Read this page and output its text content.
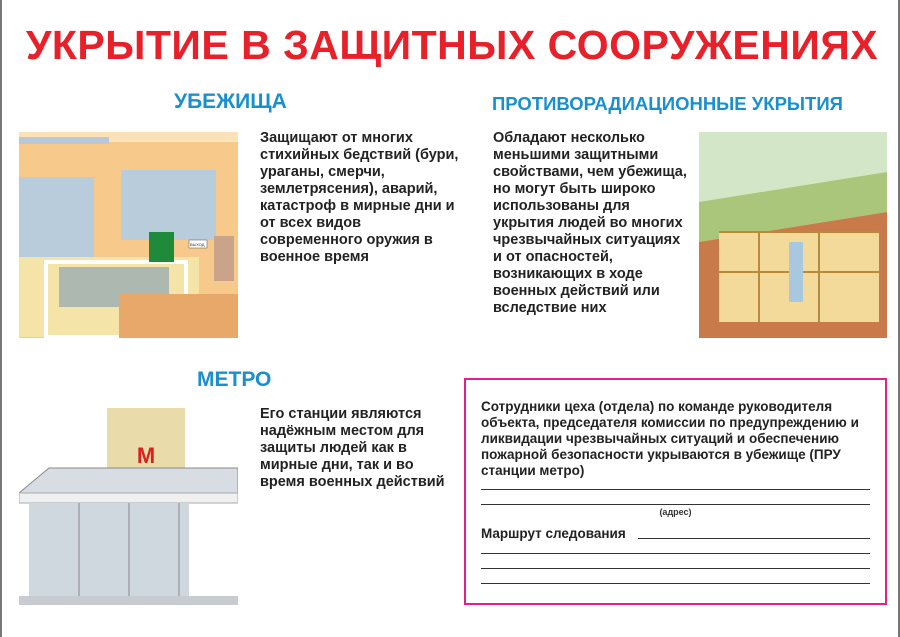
УКРЫТИЕ В ЗАЩИТНЫХ СООРУЖЕНИЯХ
УБЕЖИЩА
ВЫХОД
Защищают от многих стихийных бедствий (бури, ураганы, смерчи, землетрясения), аварий, катастроф в мирные дни и от всех видов современного оружия в военное время
ПРОТИВОРАДИАЦИОННЫЕ УКРЫТИЯ
Обладают несколько меньшими защитными свойствами, чем убежища, но могут быть широко использованы для укрытия людей во многих чрезвычайных ситуациях и от опасностей, возникающих в ходе военных действий или вследствие них
МЕТРО
М
Его станции являются надёжным местом для защиты людей как в мирные дни, так и во время военных действий
Сотрудники цеха (отдела) по команде руководителя объекта, председателя комиссии по предупреждению и ликвидации чрезвычайных ситуаций и обеспечению пожарной безопасности укрываются в убежище (ПРУ станции метро)
(адрес)
Маршрут следования
